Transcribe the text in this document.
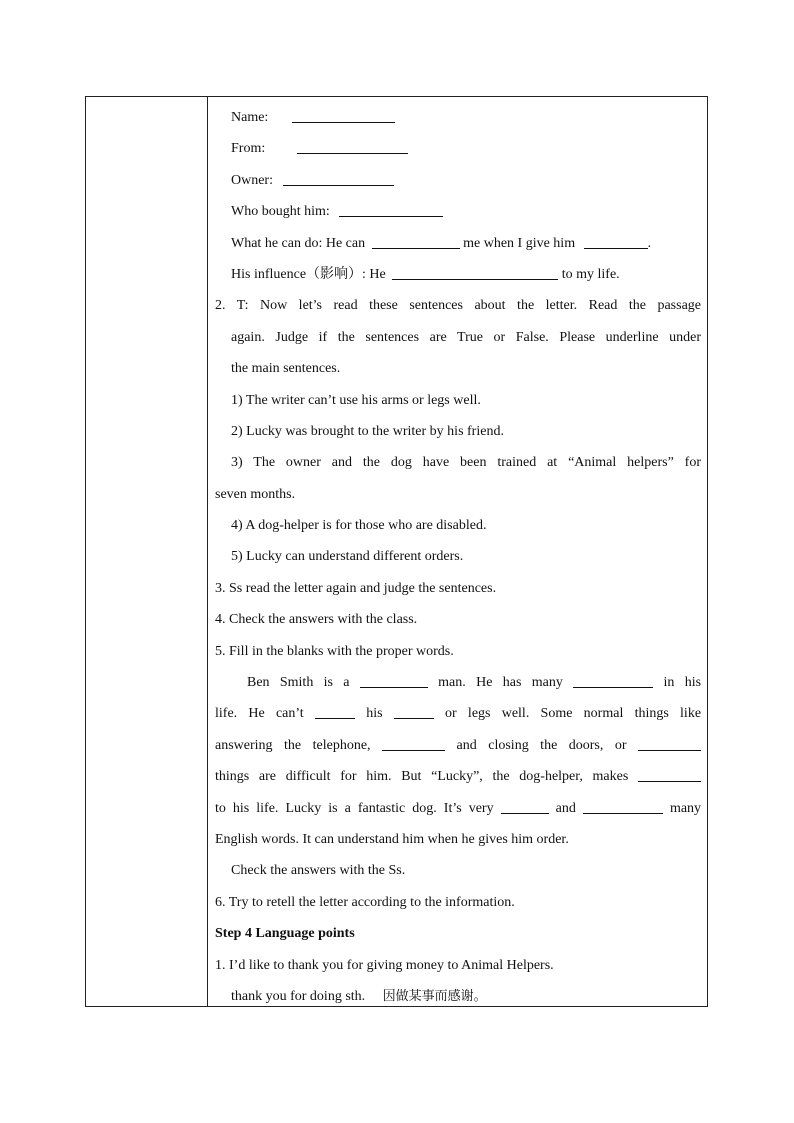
Name:
From:
Owner:
Who bought him:
What he can do: He can	me when I give him	.
His influence（影响）: He	to my life.
2. T: Now let’s read these sentences about the letter. Read the passage
again. Judge if the sentences are True or False. Please underline under
the main sentences.
1) The writer can’t use his arms or legs well.
2) Lucky was brought to the writer by his friend.
3) The owner and the dog have been trained at “Animal helpers” for
seven months.
4) A dog-helper is for those who are disabled.
5) Lucky can understand different orders.
3. Ss read the letter again and judge the sentences.
4. Check the answers with the class.
5. Fill in the blanks with the proper words.
Ben Smith is a	man. He has many	in his
life. He can’t	his	or legs well. Some normal things like
answering the telephone,	and closing the doors, or
things are difficult for him. But “Lucky”, the dog-helper, makes
to his life. Lucky is a fantastic dog. It’s very	and	many
English words. It can understand him when he gives him order.
Check the answers with the Ss.
6. Try to retell the letter according to the information.
Step 4 Language points
1. I’d like to thank you for giving money to Animal Helpers.
thank you for doing sth. 因做某事而感谢。
